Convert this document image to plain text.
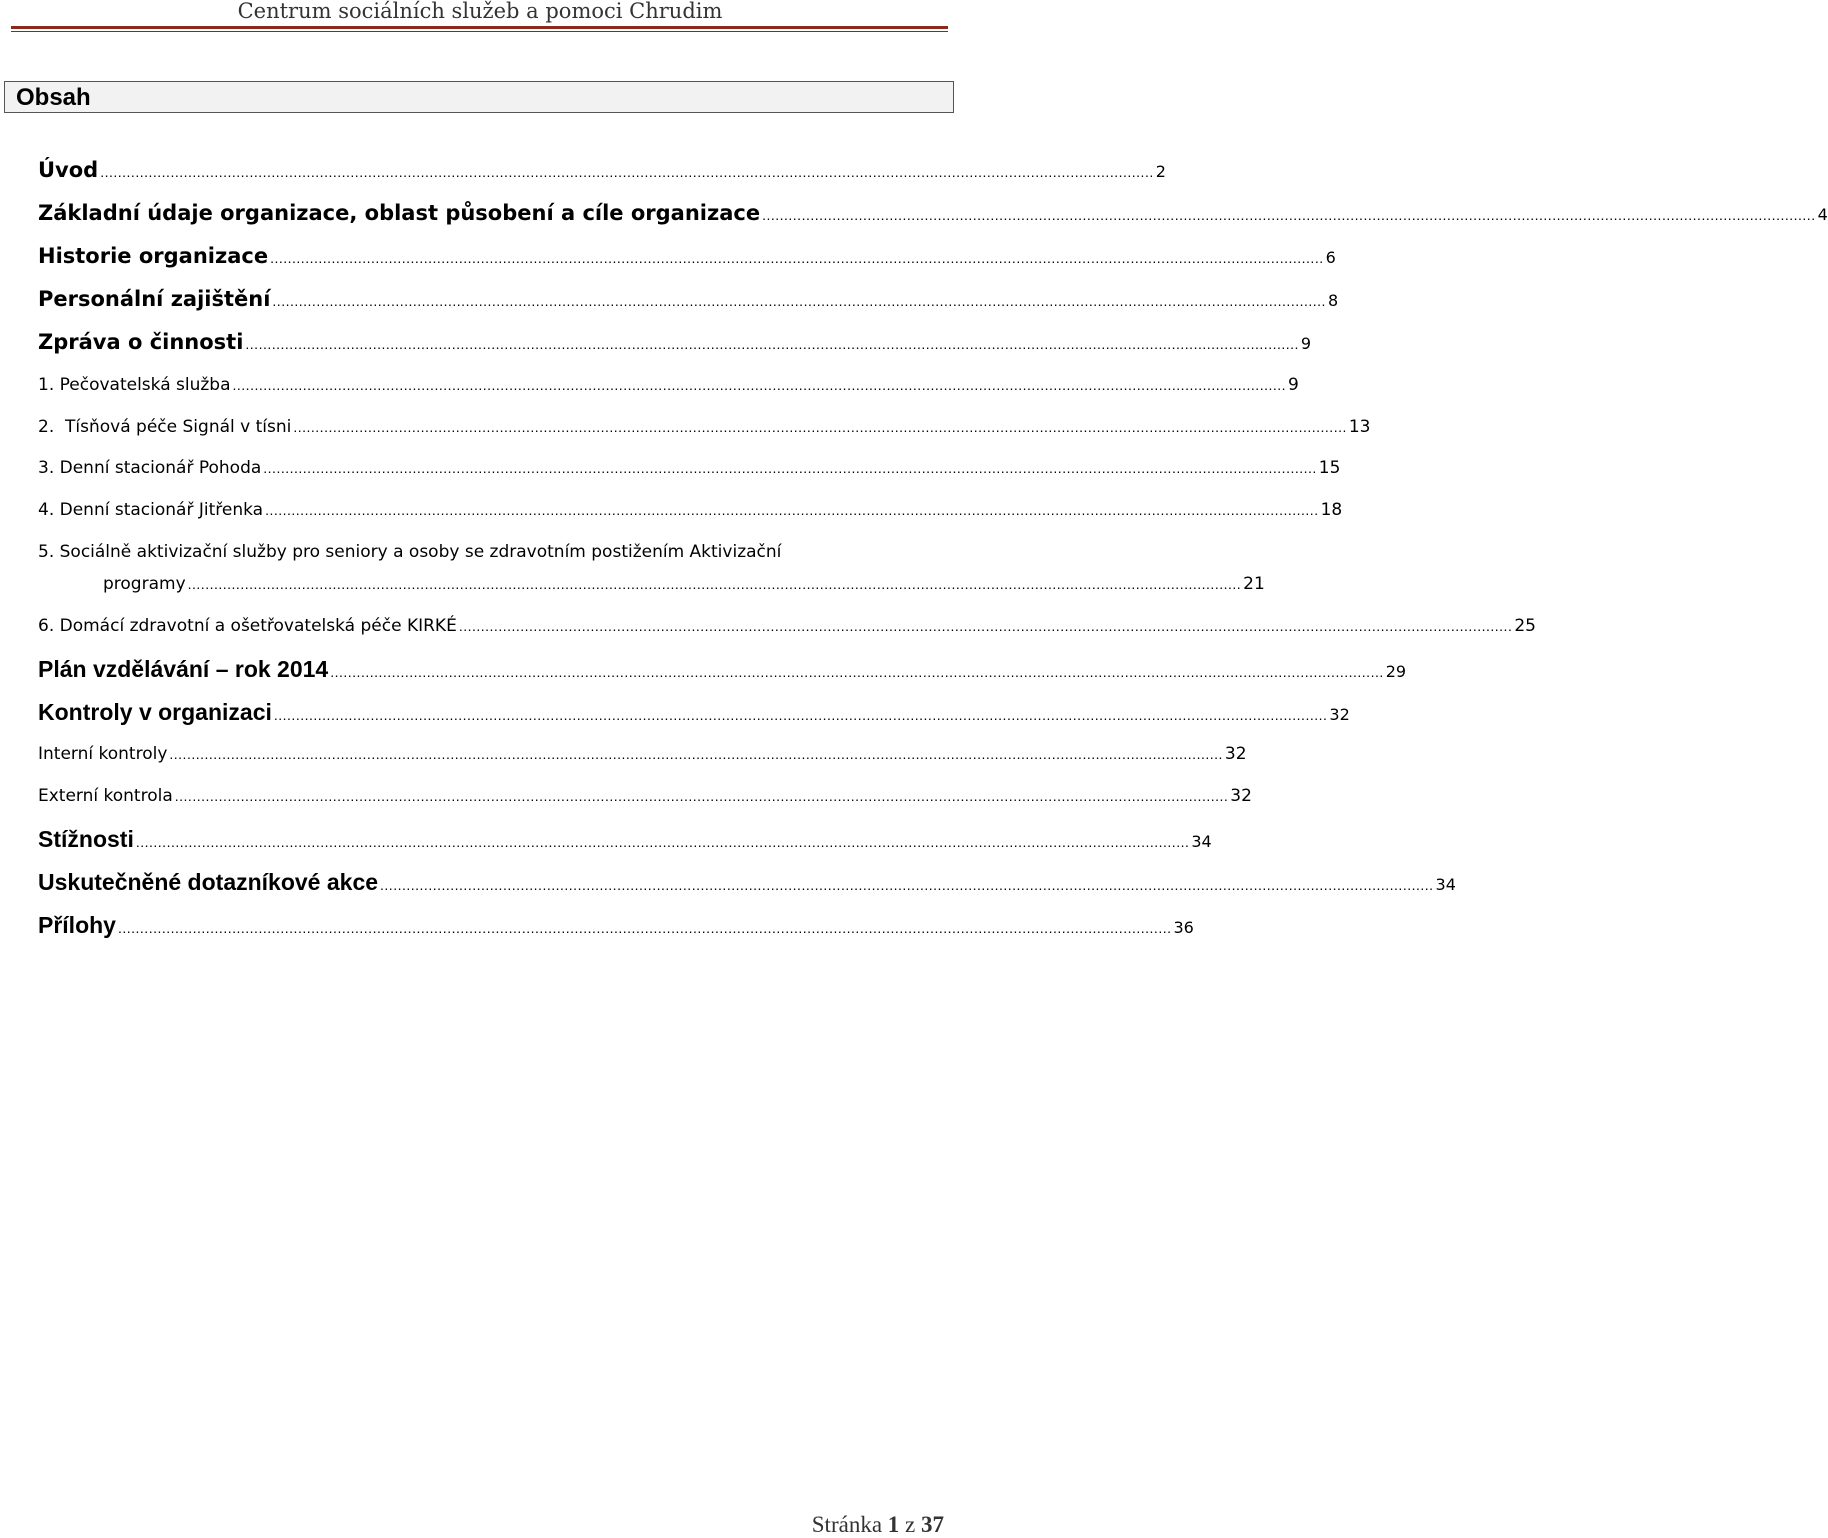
Centrum sociálních služeb a pomoci Chrudim
Obsah
Úvod ................................................................................................................................................................................................................................................ 2
Základní údaje organizace, oblast působení a cíle organizace ................................................................................................................................................................................................................................................ 4
Historie organizace ................................................................................................................................................................................................................................................ 6
Personální zajištění ................................................................................................................................................................................................................................................ 8
Zpráva o činnosti ................................................................................................................................................................................................................................................ 9
1. Pečovatelská služba ................................................................................................................................................................................................................................................ 9
2.  Tísňová péče Signál v tísni ................................................................................................................................................................................................................................................ 13
3. Denní stacionář Pohoda ................................................................................................................................................................................................................................................ 15
4. Denní stacionář Jitřenka ................................................................................................................................................................................................................................................ 18
5. Sociálně aktivizační služby pro seniory a osoby se zdravotním postižením Aktivizační
programy ................................................................................................................................................................................................................................................ 21
6. Domácí zdravotní a ošetřovatelská péče KIRKÉ ................................................................................................................................................................................................................................................ 25
Plán vzdělávání – rok 2014 ................................................................................................................................................................................................................................................ 29
Kontroly v organizaci ................................................................................................................................................................................................................................................ 32
Interní kontroly ................................................................................................................................................................................................................................................ 32
Externí kontrola ................................................................................................................................................................................................................................................ 32
Stížnosti ................................................................................................................................................................................................................................................ 34
Uskutečněné dotazníkové akce ................................................................................................................................................................................................................................................ 34
Přílohy ................................................................................................................................................................................................................................................ 36
Stránka 1 z 37
